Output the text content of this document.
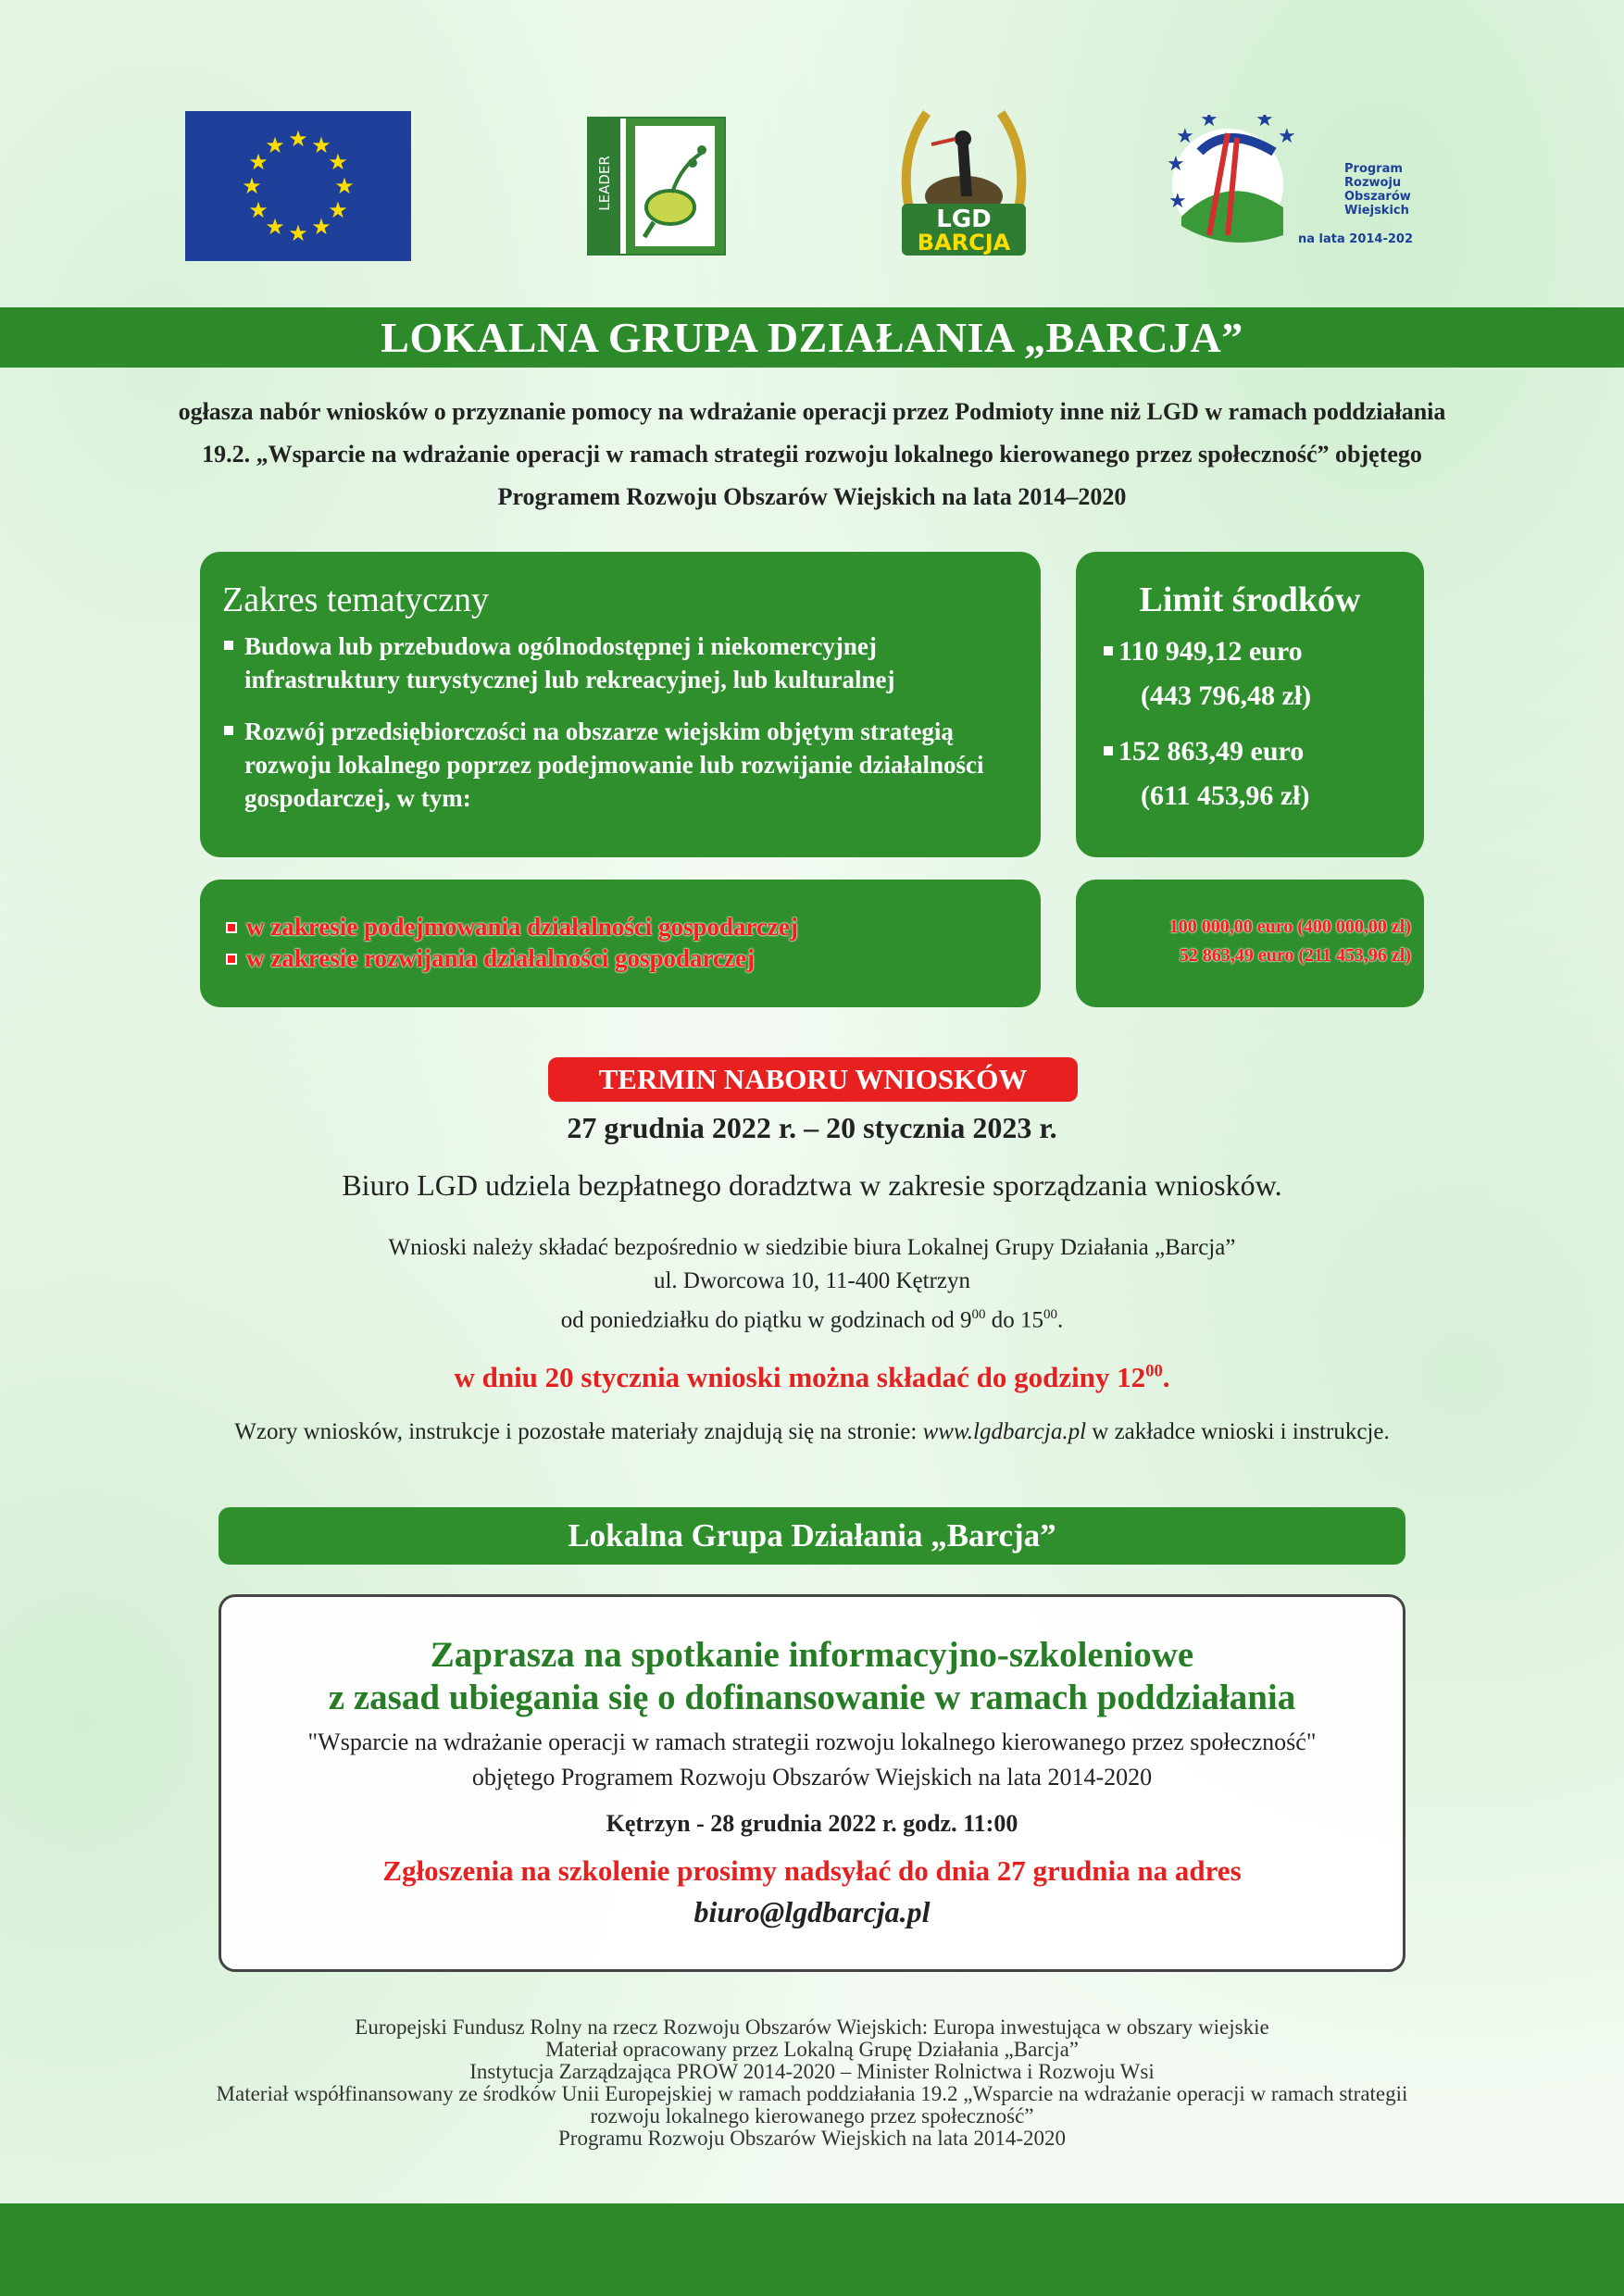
★ ★
★
★
★
★
★
★
★
★
★
★
LEADER
LGD
BARCJA
★
★
★ ★
★
★
Program
Rozwoju
Obszarów
Wiejskich
na lata 2014-2020
LOKALNA GRUPA DZIAŁANIA „BARCJA”
ogłasza nabór wniosków o przyznanie pomocy na wdrażanie operacji przez Podmioty inne niż LGD w ramach poddziałania 19.2. „Wsparcie na wdrażanie operacji w ramach strategii rozwoju lokalnego kierowanego przez społeczność” objętego Programem Rozwoju Obszarów Wiejskich na lata 2014–2020
Zakres tematyczny
Budowa lub przebudowa ogólnodostępnej i niekomercyjnej infrastruktury turystycznej lub rekreacyjnej, lub kulturalnej
Rozwój przedsiębiorczości na obszarze wiejskim objętym strategią rozwoju lokalnego poprzez podejmowanie lub rozwijanie działalności gospodarczej, w tym:
Limit środków
110 949,12 euro
(443 796,48 zł)
152 863,49 euro
(611 453,96 zł)
w zakresie podejmowania działalności gospodarczej
w zakresie rozwijania działalności gospodarczej
100 000,00 euro (400 000,00 zł)
52 863,49 euro (211 453,96 zł)
TERMIN NABORU WNIOSKÓW
27 grudnia 2022 r. – 20 stycznia 2023 r.
Biuro LGD udziela bezpłatnego doradztwa w zakresie sporządzania wniosków.
Wnioski należy składać bezpośrednio w siedzibie biura Lokalnej Grupy Działania „Barcja”
ul. Dworcowa 10, 11-400 Kętrzyn
od poniedziałku do piątku w godzinach od $9^{00}$ do $15^{00}$.
w dniu 20 stycznia wnioski można składać do godziny $12^{00}$.
Wzory wniosków, instrukcje i pozostałe materiały znajdują się na stronie: www.lgdbarcja.pl w zakładce wnioski i instrukcje.
Lokalna Grupa Działania „Barcja”
Zaprasza na spotkanie informacyjno-szkoleniowe
z zasad ubiegania się o dofinansowanie w ramach poddziałania
"Wsparcie na wdrażanie operacji w ramach strategii rozwoju lokalnego kierowanego przez społeczność"
objętego Programem Rozwoju Obszarów Wiejskich na lata 2014-2020
Kętrzyn - 28 grudnia 2022 r. godz. 11:00
Zgłoszenia na szkolenie prosimy nadsyłać do dnia 27 grudnia na adres
biuro@lgdbarcja.pl
Europejski Fundusz Rolny na rzecz Rozwoju Obszarów Wiejskich: Europa inwestująca w obszary wiejskie
Materiał opracowany przez Lokalną Grupę Działania „Barcja”
Instytucja Zarządzająca PROW 2014-2020 – Minister Rolnictwa i Rozwoju Wsi
Materiał współfinansowany ze środków Unii Europejskiej w ramach poddziałania 19.2 „Wsparcie na wdrażanie operacji w ramach strategii
rozwoju lokalnego kierowanego przez społeczność”
Programu Rozwoju Obszarów Wiejskich na lata 2014-2020
